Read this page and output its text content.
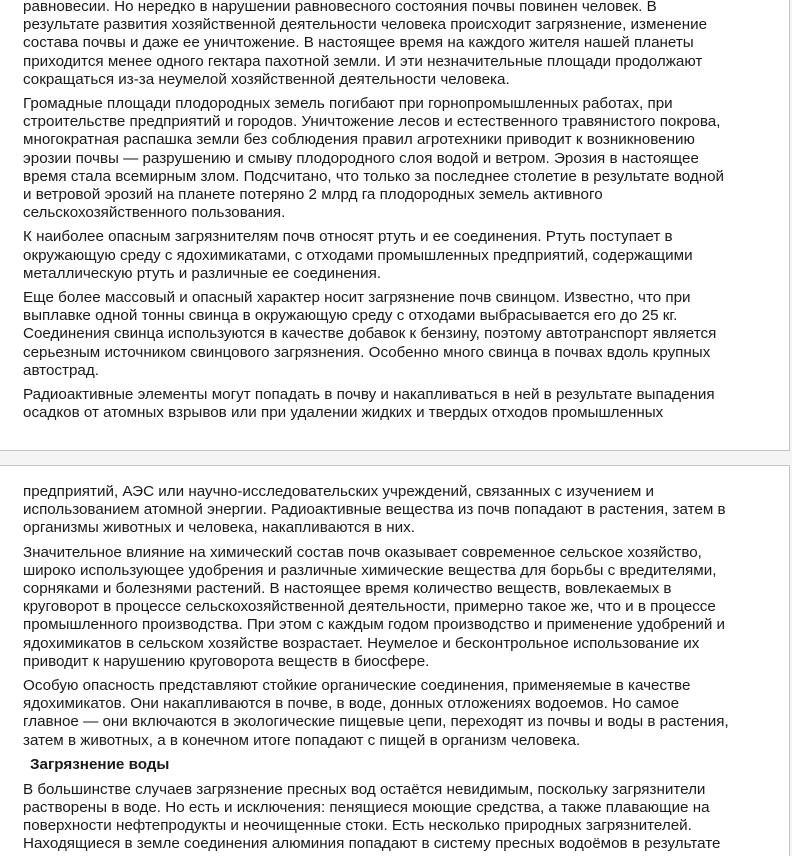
равновесии. Но нередко в нарушении равновесного состояния почвы повинен человек. В
результате развития хозяйственной деятельности человека происходит загрязнение, изменение
состава почвы и даже ее уничтожение. В настоящее время на каждого жителя нашей планеты
приходится менее одного гектара пахотной земли. И эти незначительные площади продолжают
сокращаться из-за неумелой хозяйственной деятельности человека.

Громадные площади плодородных земель погибают при горнопромышленных работах, при
строительстве предприятий и городов. Уничтожение лесов и естественного травянистого покрова,
многократная распашка земли без соблюдения правил агротехники приводит к возникновению
эрозии почвы — разрушению и смыву плодородного слоя водой и ветром. Эрозия в настоящее
время стала всемирным злом. Подсчитано, что только за последнее столетие в результате водной
и ветровой эрозий на планете потеряно 2 млрд га плодородных земель активного
сельскохозяйственного пользования.

К наиболее опасным загрязнителям почв относят ртуть и ее соединения. Ртуть поступает в
окружающую среду с ядохимикатами, с отходами промышленных предприятий, содержащими
металлическую ртуть и различные ее соединения.

Еще более массовый и опасный характер носит загрязнение почв свинцом. Известно, что при
выплавке одной тонны свинца в окружающую среду с отходами выбрасывается его до 25 кг.
Соединения свинца используются в качестве добавок к бензину, поэтому автотранспорт является
серьезным источником свинцового загрязнения. Особенно много свинца в почвах вдоль крупных
автострад.

Радиоактивные элементы могут попадать в почву и накапливаться в ней в результате выпадения
осадков от атомных взрывов или при удалении жидких и твердых отходов промышленных

предприятий, АЭС или научно-исследовательских учреждений, связанных с изучением и
использованием атомной энергии. Радиоактивные вещества из почв попадают в растения, затем в
организмы животных и человека, накапливаются в них.

Значительное влияние на химический состав почв оказывает современное сельское хозяйство,
широко использующее удобрения и различные химические вещества для борьбы с вредителями,
сорняками и болезнями растений. В настоящее время количество веществ, вовлекаемых в
круговорот в процессе сельскохозяйственной деятельности, примерно такое же, что и в процессе
промышленного производства. При этом с каждым годом производство и применение удобрений и
ядохимикатов в сельском хозяйстве возрастает. Неумелое и бесконтрольное использование их
приводит к нарушению круговорота веществ в биосфере.

Особую опасность представляют стойкие органические соединения, применяемые в качестве
ядохимикатов. Они накапливаются в почве, в воде, донных отложениях водоемов. Но самое
главное — они включаются в экологические пищевые цепи, переходят из почвы и воды в растения,
затем в животных, а в конечном итоге попадают с пищей в организм человека.

Загрязнение воды

В большинстве случаев загрязнение пресных вод остаётся невидимым, поскольку загрязнители
растворены в воде. Но есть и исключения: пенящиеся моющие средства, а также плавающие на
поверхности нефтепродукты и неочищенные стоки. Есть несколько природных загрязнителей.
Находящиеся в земле соединения алюминия попадают в систему пресных водоёмов в результате
